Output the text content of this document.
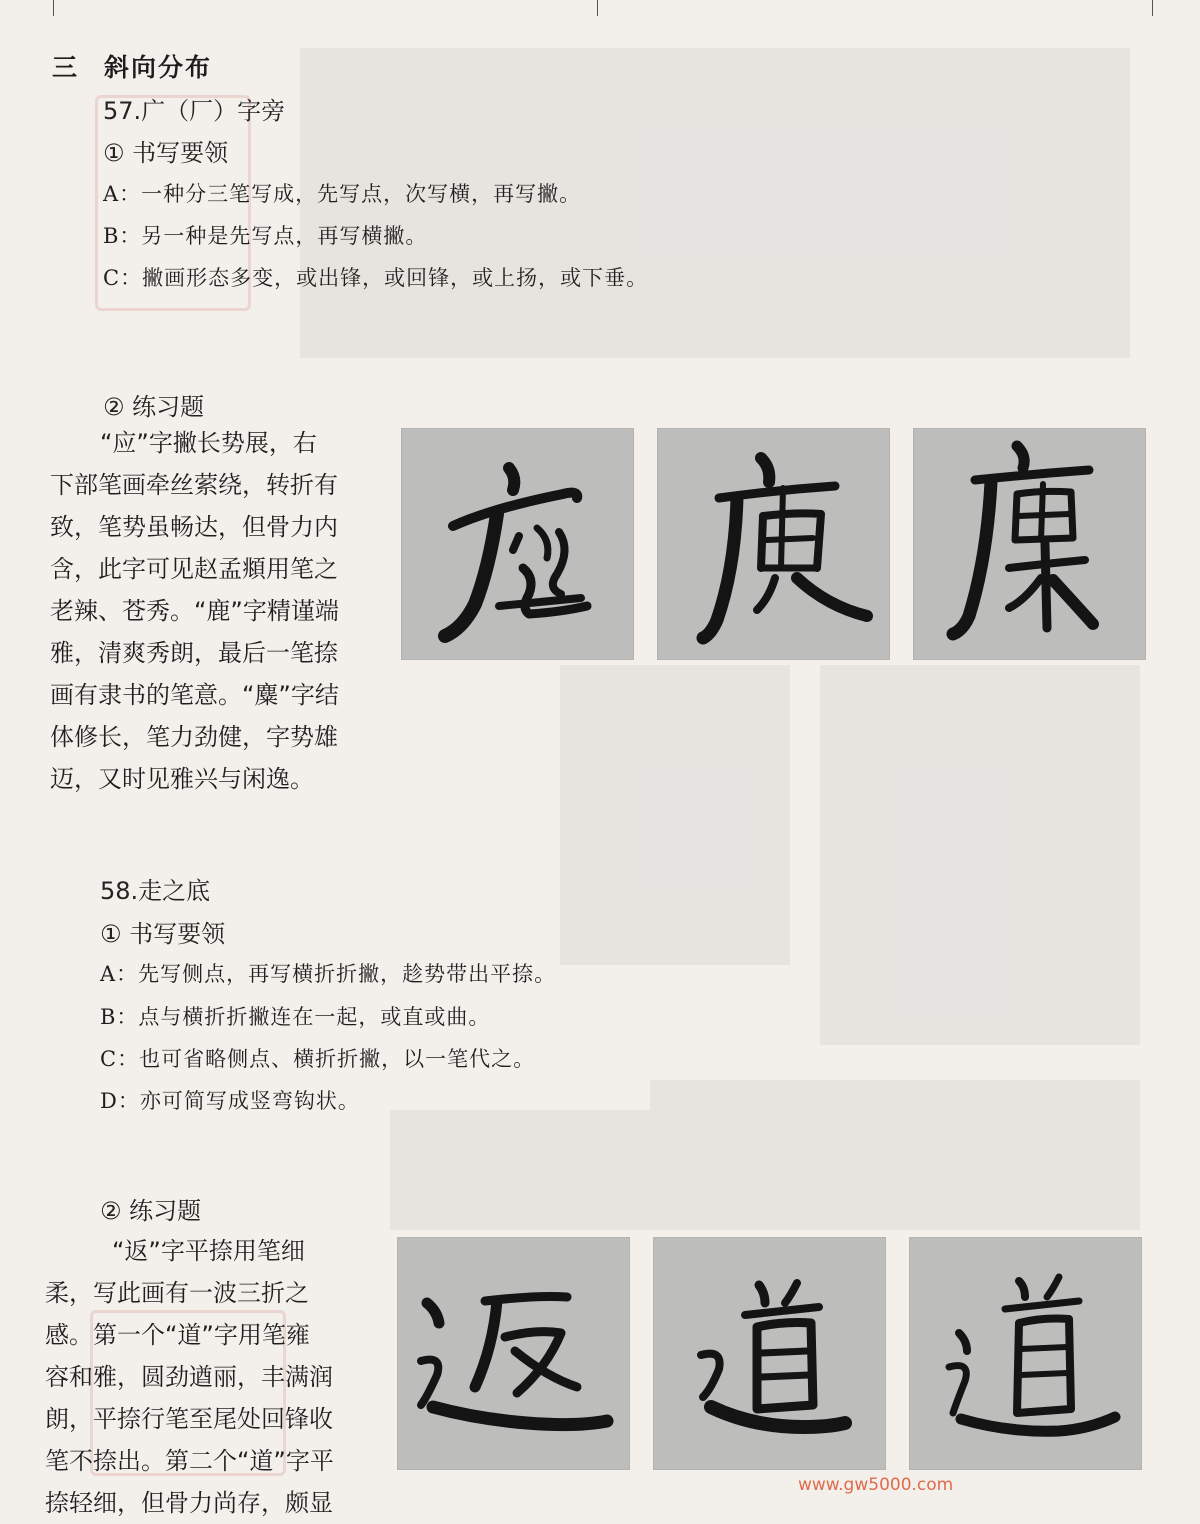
三 斜向分布
57.广（厂）字旁
① 书写要领
A：一种分三笔写成，先写点，次写横，再写撇。
B：另一种是先写点，再写横撇。
C：撇画形态多变，或出锋，或回锋，或上扬，或下垂。
② 练习题
“应”字撇长势展，右
下部笔画牵丝萦绕，转折有
致，笔势虽畅达，但骨力内
含，此字可见赵孟頫用笔之
老辣、苍秀。“鹿”字精谨端
雅，清爽秀朗，最后一笔捺
画有隶书的笔意。“麋”字结
体修长，笔力劲健，字势雄
迈，又时见雅兴与闲逸。
58.走之底
① 书写要领
A：先写侧点，再写横折折撇，趁势带出平捺。
B：点与横折折撇连在一起，或直或曲。
C：也可省略侧点、横折折撇，以一笔代之。
D：亦可简写成竖弯钩状。
② 练习题
“返”字平捺用笔细
柔，写此画有一波三折之
感。第一个“道”字用笔雍
容和雅，圆劲遒丽，丰满润
朗，平捺行笔至尾处回锋收
笔不捺出。第二个“道”字平
捺轻细，但骨力尚存，颇显
www.gw5000.com
